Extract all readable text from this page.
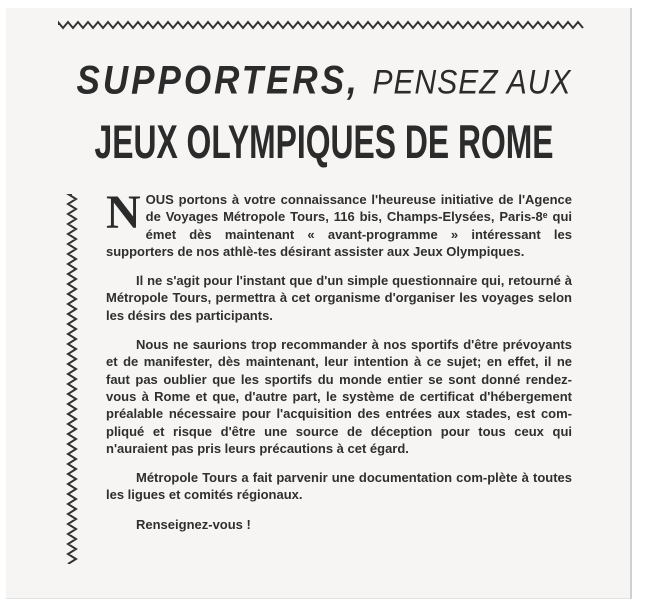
SUPPORTERS, PENSEZ AUX
JEUX OLYMPIQUES DE ROME

N OUS portons à votre connaissance l'heureuse initiative de l'Agence de Voyages Métropole Tours, 116 bis, Champs-Elysées, Paris-8ᵉ qui émet dès maintenant « avant-programme » intéressant les supporters de nos athlè-tes désirant assister aux Jeux Olympiques.

Il ne s'agit pour l'instant que d'un simple questionnaire qui, retourné à Métropole Tours, permettra à cet organisme d'organiser les voyages selon les désirs des participants.

Nous ne saurions trop recommander à nos sportifs d'être prévoyants et de manifester, dès maintenant, leur intention à ce sujet; en effet, il ne faut pas oublier que les sportifs du monde entier se sont donné rendez-vous à Rome et que, d'autre part, le système de certificat d'hébergement préalable nécessaire pour l'acquisition des entrées aux stades, est com-pliqué et risque d'être une source de déception pour tous ceux qui n'auraient pas pris leurs précautions à cet égard.

Métropole Tours a fait parvenir une documentation com-plète à toutes les ligues et comités régionaux.

Renseignez-vous !
